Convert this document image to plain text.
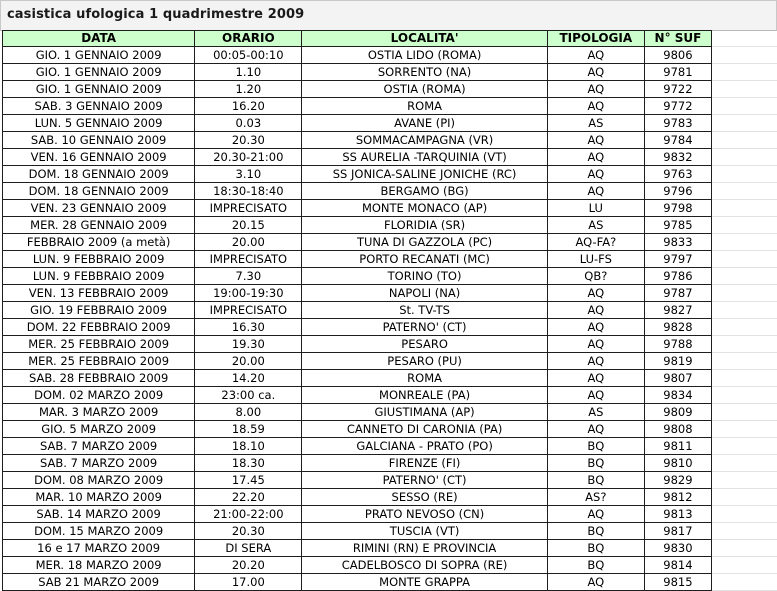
casistica ufologica 1 quadrimestre 2009
DATA	ORARIO	LOCALITA'	TIPOLOGIA	N° SUF
GIO. 1 GENNAIO 2009	00:05-00:10	OSTIA LIDO (ROMA)	AQ	9806
GIO. 1 GENNAIO 2009	1.10	SORRENTO (NA)	AQ	9781
GIO. 1 GENNAIO 2009	1.20	OSTIA (ROMA)	AQ	9722
SAB. 3 GENNAIO 2009	16.20	ROMA	AQ	9772
LUN. 5 GENNAIO 2009	0.03	AVANE (PI)	AS	9783
SAB. 10 GENNAIO 2009	20.30	SOMMACAMPAGNA (VR)	AQ	9784
VEN. 16 GENNAIO 2009	20.30-21:00	SS AURELIA -TARQUINIA (VT)	AQ	9832
DOM. 18 GENNAIO 2009	3.10	SS JONICA-SALINE JONICHE (RC)	AQ	9763
DOM. 18 GENNAIO 2009	18:30-18:40	BERGAMO (BG)	AQ	9796
VEN. 23 GENNAIO 2009	IMPRECISATO	MONTE MONACO (AP)	LU	9798
MER. 28 GENNAIO 2009	20.15	FLORIDIA (SR)	AS	9785
FEBBRAIO 2009 (a metà)	20.00	TUNA DI GAZZOLA (PC)	AQ-FA?	9833
LUN. 9 FEBBRAIO 2009	IMPRECISATO	PORTO RECANATI (MC)	LU-FS	9797
LUN. 9 FEBBRAIO 2009	7.30	TORINO (TO)	QB?	9786
VEN. 13 FEBBRAIO 2009	19:00-19:30	NAPOLI (NA)	AQ	9787
GIO. 19 FEBBRAIO 2009	IMPRECISATO	St. TV-TS	AQ	9827
DOM. 22 FEBBRAIO 2009	16.30	PATERNO' (CT)	AQ	9828
MER. 25 FEBBRAIO 2009	19.30	PESARO	AQ	9788
MER. 25 FEBBRAIO 2009	20.00	PESARO (PU)	AQ	9819
SAB. 28 FEBBRAIO 2009	14.20	ROMA	AQ	9807
DOM. 02 MARZO 2009	23:00 ca.	MONREALE (PA)	AQ	9834
MAR. 3 MARZO 2009	8.00	GIUSTIMANA (AP)	AS	9809
GIO. 5 MARZO 2009	18.59	CANNETO DI CARONIA (PA)	AQ	9808
SAB. 7 MARZO 2009	18.10	GALCIANA - PRATO (PO)	BQ	9811
SAB. 7 MARZO 2009	18.30	FIRENZE (FI)	BQ	9810
DOM. 08 MARZO 2009	17.45	PATERNO' (CT)	BQ	9829
MAR. 10 MARZO 2009	22.20	SESSO (RE)	AS?	9812
SAB. 14 MARZO 2009	21:00-22:00	PRATO NEVOSO (CN)	AQ	9813
DOM. 15 MARZO 2009	20.30	TUSCIA (VT)	BQ	9817
16 e 17 MARZO 2009	DI SERA	RIMINI (RN) E PROVINCIA	BQ	9830
MER. 18 MARZO 2009	20.20	CADELBOSCO DI SOPRA (RE)	BQ	9814
SAB 21 MARZO 2009	17.00	MONTE GRAPPA	AQ	9815
